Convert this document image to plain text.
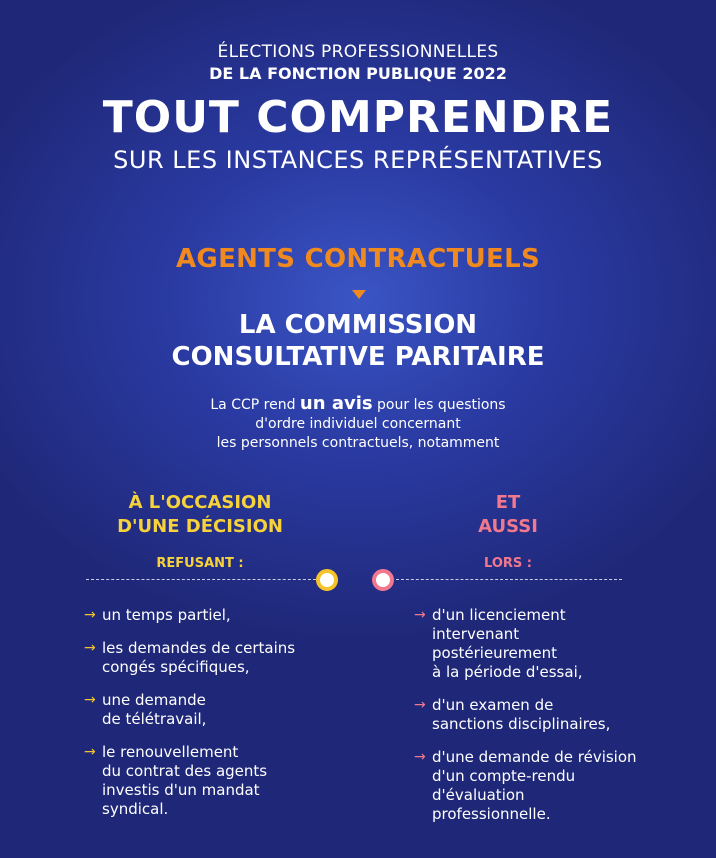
ÉLECTIONS PROFESSIONNELLES
DE LA FONCTION PUBLIQUE 2022
TOUT COMPRENDRE
SUR LES INSTANCES REPRÉSENTATIVES
AGENTS CONTRACTUELS
LA COMMISSION
CONSULTATIVE PARITAIRE
La CCP rend un avis pour les questions
d'ordre individuel concernant
les personnels contractuels, notamment
À L'OCCASION
D'UNE DÉCISION
ET
AUSSI
REFUSANT :	LORS :
→ un temps partiel,
→ les demandes de certains
congés spécifiques,
→ une demande
de télétravail,
→ le renouvellement
du contrat des agents
investis d'un mandat
syndical.
→ d'un licenciement
intervenant
postérieurement
à la période d'essai,
→ d'un examen de
sanctions disciplinaires,
→ d'une demande de révision
d'un compte-rendu
d'évaluation
professionnelle.
